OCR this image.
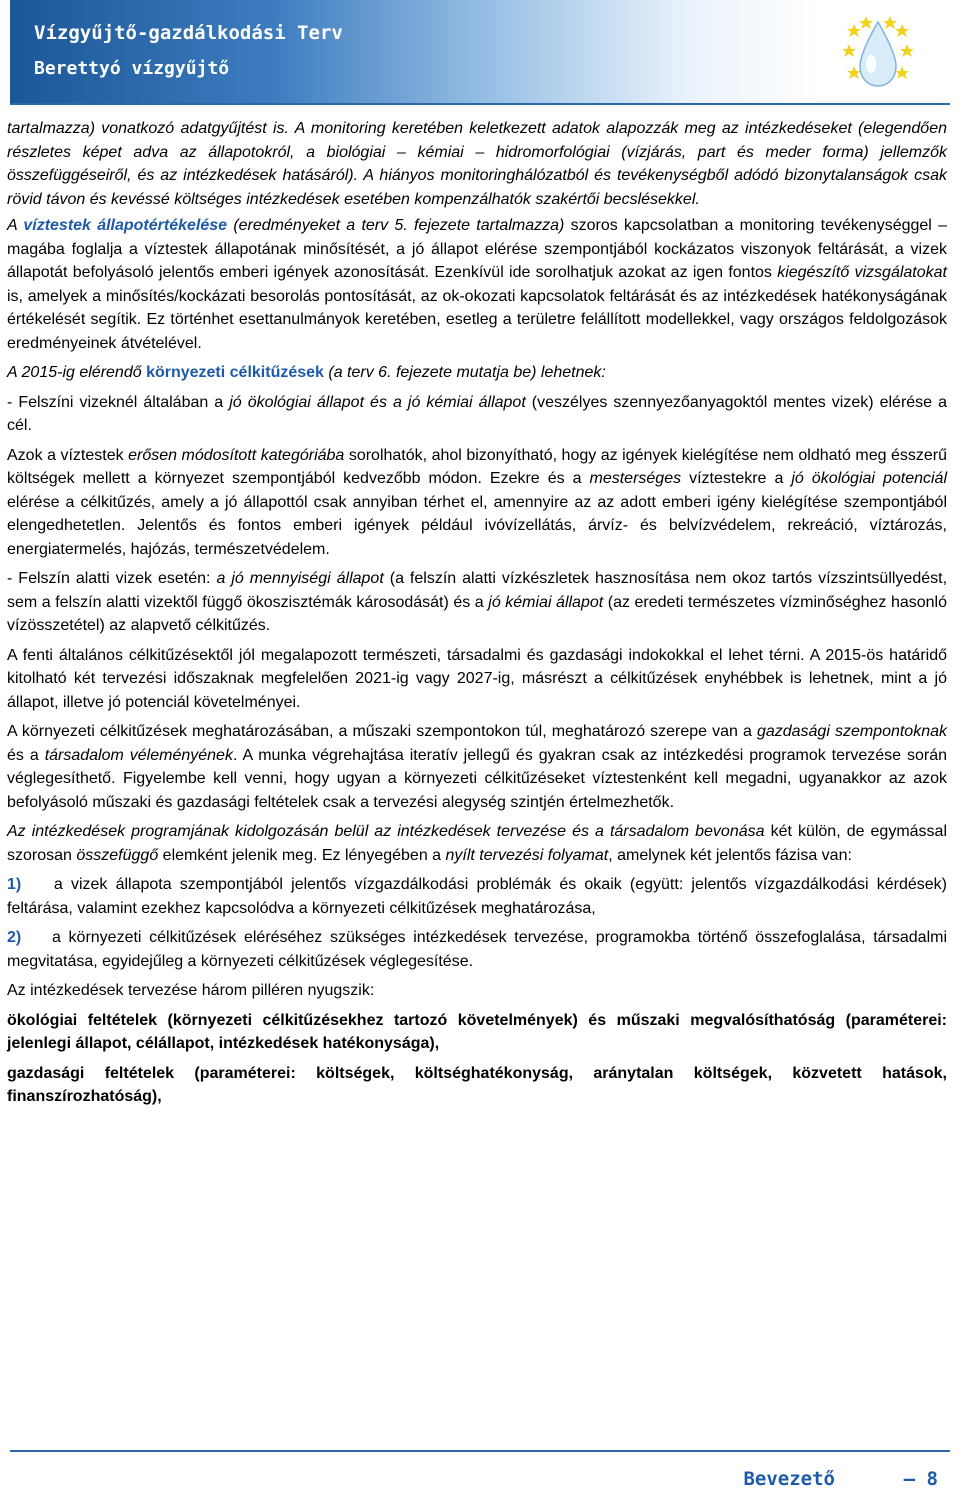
Vízgyűjtő-gazdálkodási Terv
Berettyó vízgyűjtő

tartalmazza) vonatkozó adatgyűjtést is. A monitoring keretében keletkezett adatok alapozzák meg az intézkedéseket (elegendően részletes képet adva az állapotokról, a biológiai – kémiai – hidromorfológiai (vízjárás, part és meder forma) jellemzők összefüggéseiről, és az intézkedések hatásáról). A hiányos monitoringhálózatból és tevékenységből adódó bizonytalanságok csak rövid távon és kevéssé költséges intézkedések esetében kompenzálhatók szakértői becslésekkel.

A víztestek állapotértékelése (eredményeket a terv 5. fejezete tartalmazza) szoros kapcsolatban a monitoring tevékenységgel – magába foglalja a víztestek állapotának minősítését, a jó állapot elérése szempontjából kockázatos viszonyok feltárását, a vizek állapotát befolyásoló jelentős emberi igények azonosítását. Ezenkívül ide sorolhatjuk azokat az igen fontos kiegészítő vizsgálatokat is, amelyek a minősítés/kockázati besorolás pontosítását, az ok-okozati kapcsolatok feltárását és az intézkedések hatékonyságának értékelését segítik. Ez történhet esettanulmányok keretében, esetleg a területre felállított modellekkel, vagy országos feldolgozások eredményeinek átvételével.

A 2015-ig elérendő környezeti célkitűzések (a terv 6. fejezete mutatja be) lehetnek:

- Felszíni vizeknél általában a jó ökológiai állapot és a jó kémiai állapot (veszélyes szennyezőanyagoktól mentes vizek) elérése a cél.

Azok a víztestek erősen módosított kategóriába sorolhatók, ahol bizonyítható, hogy az igények kielégítése nem oldható meg ésszerű költségek mellett a környezet szempontjából kedvezőbb módon. Ezekre és a mesterséges víztestekre a jó ökológiai potenciál elérése a célkitűzés, amely a jó állapottól csak annyiban térhet el, amennyire az az adott emberi igény kielégítése szempontjából elengedhetetlen. Jelentős és fontos emberi igények például ivóvízellátás, árvíz- és belvízvédelem, rekreáció, víztározás, energiatermelés, hajózás, természetvédelem.

- Felszín alatti vizek esetén: a jó mennyiségi állapot (a felszín alatti vízkészletek hasznosítása nem okoz tartós vízszintsüllyedést, sem a felszín alatti vizektől függő ökoszisztémák károsodását) és a jó kémiai állapot (az eredeti természetes vízminőséghez hasonló vízösszetétel) az alapvető célkitűzés.

A fenti általános célkitűzésektől jól megalapozott természeti, társadalmi és gazdasági indokokkal el lehet térni. A 2015-ös határidő kitolható két tervezési időszaknak megfelelően 2021-ig vagy 2027-ig, másrészt a célkitűzések enyhébbek is lehetnek, mint a jó állapot, illetve jó potenciál követelményei.

A környezeti célkitűzések meghatározásában, a műszaki szempontokon túl, meghatározó szerepe van a gazdasági szempontoknak és a társadalom véleményének. A munka végrehajtása iteratív jellegű és gyakran csak az intézkedési programok tervezése során véglegesíthető. Figyelembe kell venni, hogy ugyan a környezeti célkitűzéseket víztestenként kell megadni, ugyanakkor az azok befolyásoló műszaki és gazdasági feltételek csak a tervezési alegység szintjén értelmezhetők.

Az intézkedések programjának kidolgozásán belül az intézkedések tervezése és a társadalom bevonása két külön, de egymással szorosan összefüggő elemként jelenik meg. Ez lényegében a nyílt tervezési folyamat, amelynek két jelentős fázisa van:

1) a vizek állapota szempontjából jelentős vízgazdálkodási problémák és okaik (együtt: jelentős vízgazdálkodási kérdések) feltárása, valamint ezekhez kapcsolódva a környezeti célkitűzések meghatározása,

2) a környezeti célkitűzések eléréséhez szükséges intézkedések tervezése, programokba történő összefoglalása, társadalmi megvitatása, egyidejűleg a környezeti célkitűzések véglegesítése.

Az intézkedések tervezése három pilléren nyugszik:

ökológiai feltételek (környezeti célkitűzésekhez tartozó követelmények) és műszaki megvalósíthatóság (paraméterei: jelenlegi állapot, célállapot, intézkedések hatékonysága),

gazdasági feltételek (paraméterei: költségek, költséghatékonyság, aránytalan költségek, közvetett hatások, finanszírozhatóság),

Bevezető	— 8
